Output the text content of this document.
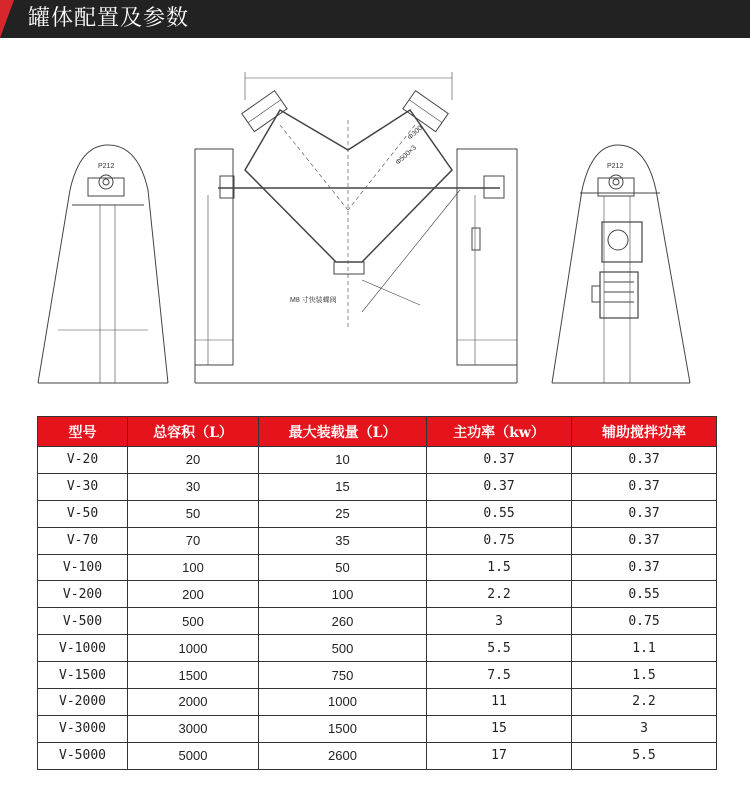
罐体配置及参数
P212	P212
Φ300
Φ500×3
M8 寸快装蝶阀
型号	总容积（L）	最大装载量（L）	主功率（kw）	辅助搅拌功率
V-20	20	10	0.37	0.37
V-30	30	15	0.37	0.37
V-50	50	25	0.55	0.37
V-70	70	35	0.75	0.37
V-100	100	50	1.5	0.37
V-200	200	100	2.2	0.55
V-500	500	260	3	0.75
V-1000	1000	500	5.5	1.1
V-1500	1500	750	7.5	1.5
V-2000	2000	1000	11	2.2
V-3000	3000	1500	15	3
V-5000	5000	2600	17	5.5
